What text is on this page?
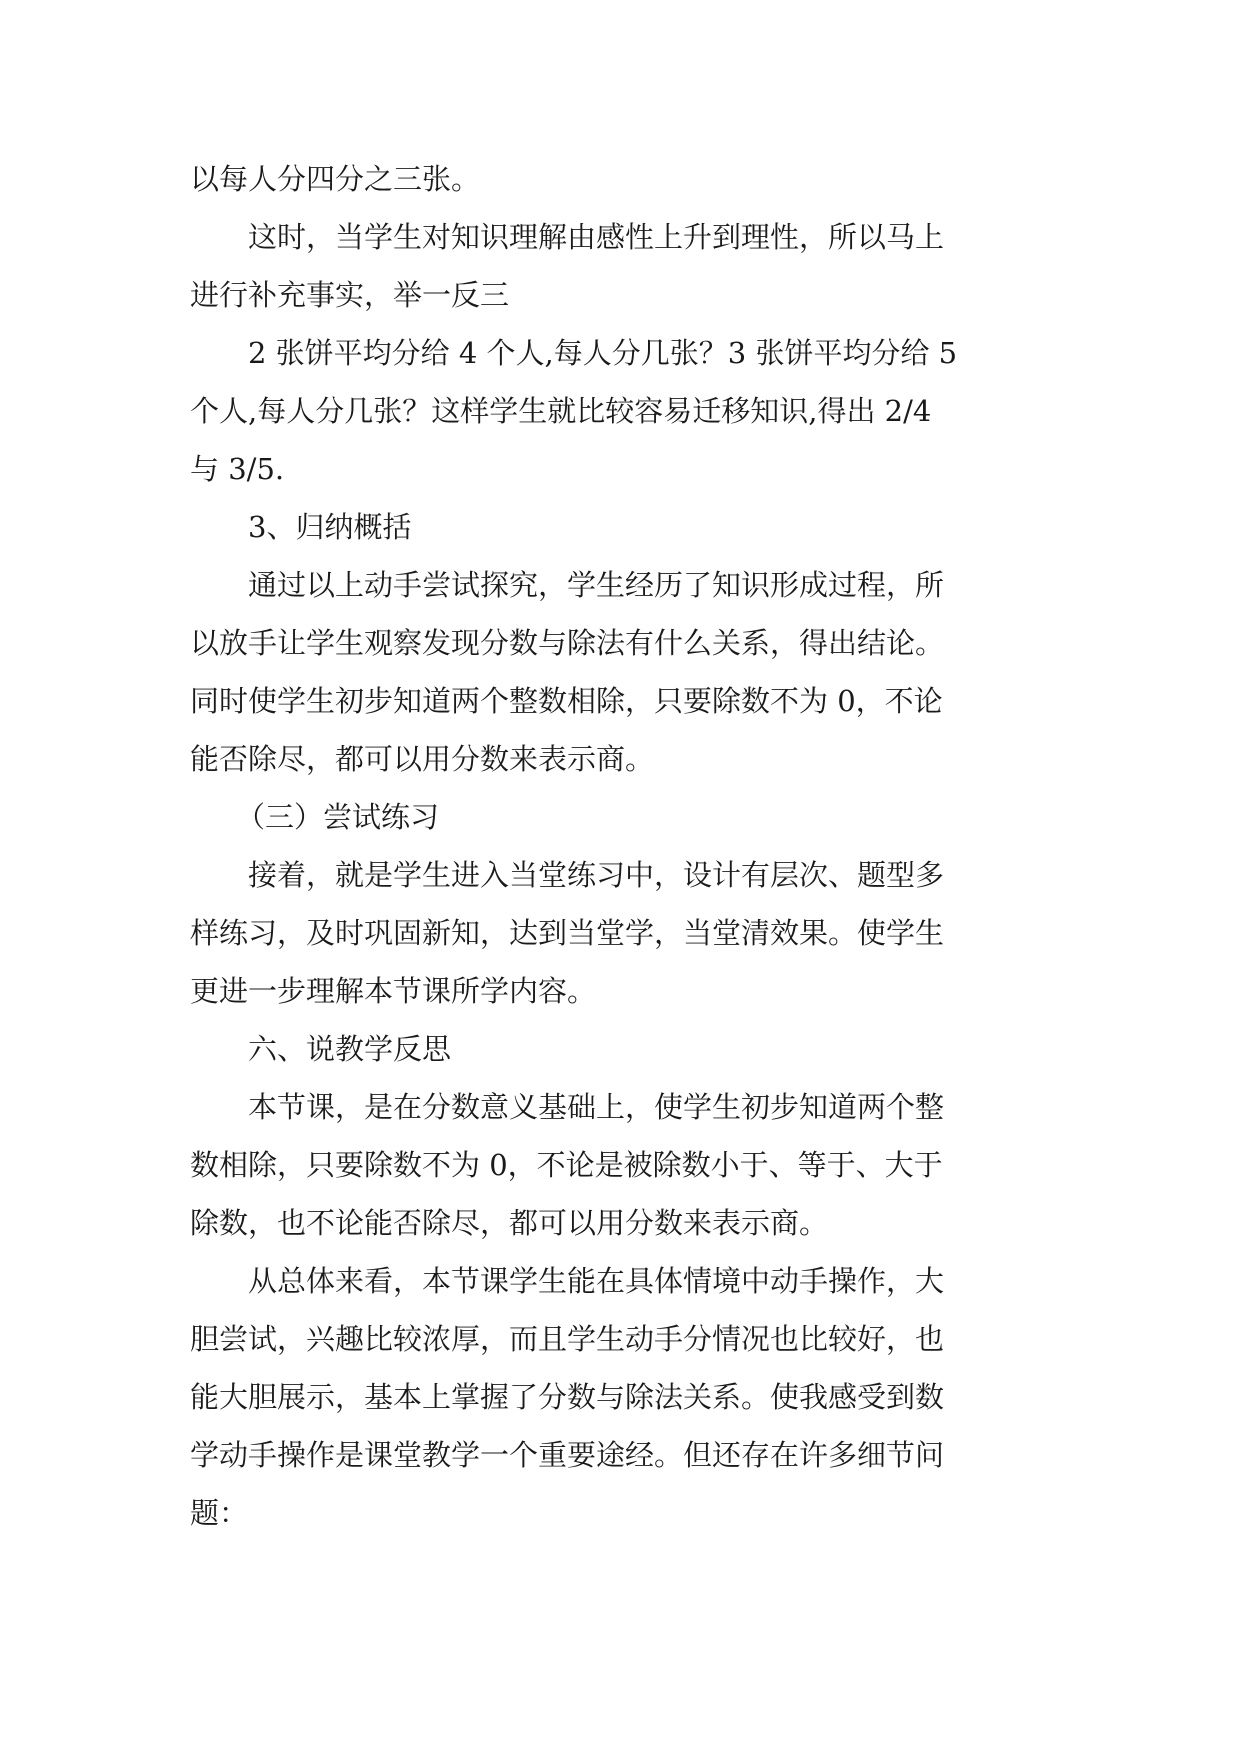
以每人分四分之三张。

这时，当学生对知识理解由感性上升到理性，所以马上
进行补充事实，举一反三

2 张饼平均分给 4 个人,每人分几张？3 张饼平均分给 5
个人,每人分几张？这样学生就比较容易迁移知识,得出 2/4
与 3/5.

3、归纳概括

通过以上动手尝试探究，学生经历了知识形成过程，所
以放手让学生观察发现分数与除法有什么关系，得出结论。
同时使学生初步知道两个整数相除，只要除数不为 0，不论
能否除尽，都可以用分数来表示商。

（三）尝试练习

接着，就是学生进入当堂练习中，设计有层次、题型多
样练习，及时巩固新知，达到当堂学，当堂清效果。使学生
更进一步理解本节课所学内容。

六、说教学反思

本节课，是在分数意义基础上，使学生初步知道两个整
数相除，只要除数不为 0，不论是被除数小于、等于、大于
除数，也不论能否除尽，都可以用分数来表示商。

从总体来看，本节课学生能在具体情境中动手操作，大
胆尝试，兴趣比较浓厚，而且学生动手分情况也比较好，也
能大胆展示，基本上掌握了分数与除法关系。使我感受到数
学动手操作是课堂教学一个重要途经。但还存在许多细节问
题：
